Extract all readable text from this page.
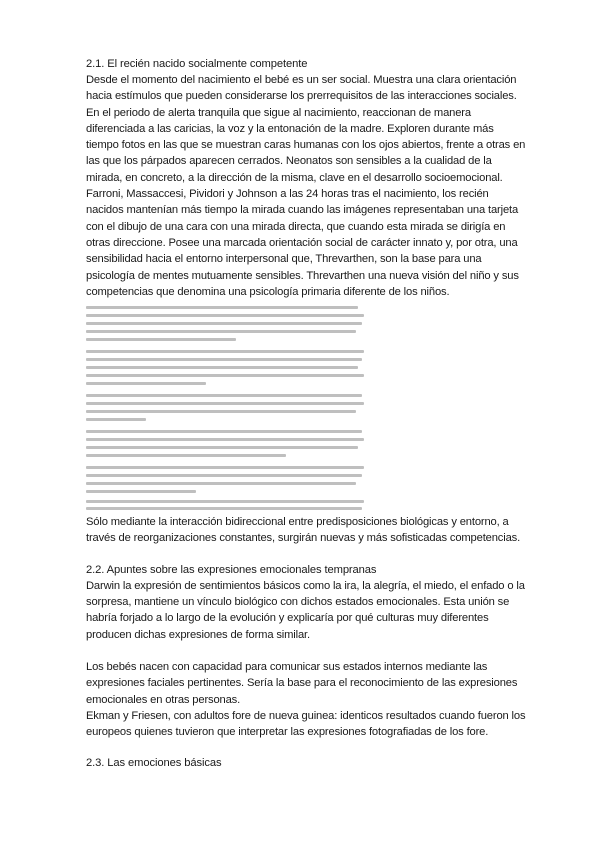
2.1. El recién nacido socialmente competente

Desde el momento del nacimiento el bebé es un ser social. Muestra una clara orientación hacia estímulos que pueden considerarse los prerrequisitos de las interacciones sociales. En el periodo de alerta tranquila que sigue al nacimiento, reaccionan de manera diferenciada a las caricias, la voz y la entonación de la madre. Exploren durante más tiempo fotos en las que se muestran caras humanas con los ojos abiertos, frente a otras en las que los párpados aparecen cerrados. Neonatos son sensibles a la cualidad de la mirada, en concreto, a la dirección de la misma, clave en el desarrollo socioemocional. Farroni, Massaccesi, Pividori y Johnson a las 24 horas tras el nacimiento, los recién nacidos mantenían más tiempo la mirada cuando las imágenes representaban una tarjeta con el dibujo de una cara con una mirada directa, que cuando esta mirada se dirigía en otras direccione. Posee una marcada orientación social de carácter innato y, por otra, una sensibilidad hacia el entorno interpersonal que, Threvarthen, son la base para una psicología de mentes mutuamente sensibles. Threvarthen una nueva visión del niño y sus competencias que denomina una psicología primaria diferente de los niños.

Sólo mediante la interacción bidireccional entre predisposiciones biológicas y entorno, a través de reorganizaciones constantes, surgirán nuevas y más sofisticadas competencias.

2.2. Apuntes sobre las expresiones emocionales tempranas

Darwin la expresión de sentimientos básicos como la ira, la alegría, el miedo, el enfado o la sorpresa, mantiene un vínculo biológico con dichos estados emocionales. Esta unión se habría forjado a lo largo de la evolución y explicaría por qué culturas muy diferentes producen dichas expresiones de forma similar.

Los bebés nacen con capacidad para comunicar sus estados internos mediante las expresiones faciales pertinentes. Sería la base para el reconocimiento de las expresiones emocionales en otras personas.

Ekman y Friesen, con adultos fore de nueva guinea: identicos resultados cuando fueron los europeos quienes tuvieron que interpretar las expresiones fotografiadas de los fore.

2.3. Las emociones básicas
